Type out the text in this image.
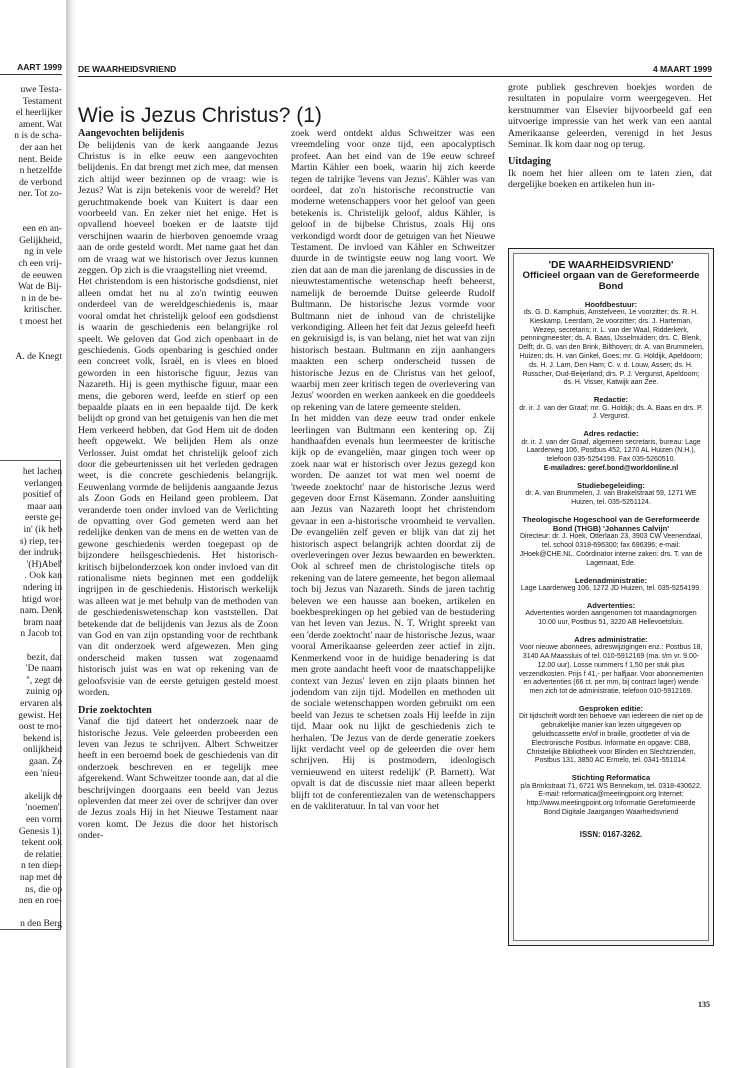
AART 1999
uwe Testa-
Testament
el heerlijker
ament. Wat
n is de scha-
der aan het
nent. Beide
n hetzelfde
de verbond
ner. Tot zo-
een en an-
Gelijkheid,
ng in vele
ch een vrij-
de eeuwen
Wat de Bij-
n in de be-
kritischer.
t moest het
A. de Knegt
het lachen
verlangen
positief of
maar aan
eerste ge-
in' (ik heb
s) riep, ter-
der indruk-
'(H)Abel'
. Ook kan
ndering in
htigd wor-
nam. Denk
bram naar
n Jacob tot
bezit, dat
'De naam
'', zegt de
zuinig op
ervaren als
gewist. Het
oost te mo-
bekend is.
onlijkheid
gaan. Ze
een 'nieu-
akelijk de
'noemen'.
een vorm
Genesis 1).
tekent ook
de relatie.
n ten diep-
nap met de
ns, die op
nen en roe-
n den Berg
DE WAARHEIDSVRIEND	4 MAART 1999
Wie is Jezus Christus? (1)
Aangevochten belijdenis

De belijdenis van de kerk aangaande Jezus Christus is in elke eeuw een aangevochten belijdenis. En dat brengt met zich mee, dat mensen zich altijd weer bezinnen op de vraag: wie is Jezus? Wat is zijn betekenis voor de wereld? Het geruchtmakende boek van Kuitert is daar een voorbeeld van. En zeker niet het enige. Het is opvallend hoeveel boeken er de laatste tijd verschijnen waarin de hierboven genoemde vraag aan de orde gesteld wordt. Met name gaat het dan om de vraag wat we historisch over Jezus kunnen zeggen. Op zich is die vraagstelling niet vreemd.

Het christendom is een historische godsdienst, niet alleen omdat het nu al zo'n twintig eeuwen onderdeel van de wereldgeschiedenis is, maar vooral omdat het christelijk geloof een godsdienst is waarin de geschiedenis een belangrijke rol speelt. We geloven dat God zich openbaart in de geschiedenis. Gods openbaring is geschied onder een concreet volk, Israël, en is vlees en bloed geworden in een historische figuur, Jezus van Nazareth. Hij is geen mythische figuur, maar een mens, die geboren werd, leefde en stierf op een bepaalde plaats en in een bepaalde tijd. De kerk belijdt op grond van het getuigenis van hen die met Hem verkeerd hebben, dat God Hem uit de doden heeft opgewekt. We belijden Hem als onze Verlosser. Juist omdat het christelijk geloof zich door die gebeurtenissen uit het verleden gedragen weet, is die concrete geschiedenis belangrijk. Eeuwenlang vormde de belijdenis aangaande Jezus als Zoon Gods en Heiland geen probleem. Dat veranderde toen onder invloed van de Verlichting de opvatting over God gemeten werd aan het redelijke denken van de mens en de wetten van de gewone geschiedenis werden toegepast op de bijzondere heilsgeschiedenis. Het historisch-kritisch bijbelonderzoek kon onder invloed van dit rationalisme niets beginnen met een goddelijk ingrijpen in de geschiedenis. Historisch werkelijk was alleen wat je met behulp van de methoden van de geschiedeniswetenschap kon vaststellen. Dat betekende dat de belijdenis van Jezus als de Zoon van God en van zijn opstanding voor de rechtbank van dit onderzoek werd afgewezen. Men ging onderscheid maken tussen wat zogenaamd historisch juist was en wat op rekening van de geloofsvisie van de eerste getuigen gesteld moest worden.

Drie zoektochten

Vanaf die tijd dateert het onderzoek naar de historische Jezus. Vele geleerden probeerden een leven van Jezus te schrijven. Albert Schweitzer heeft in een beroemd boek de geschiedenis van dit onderzoek beschreven en er tegelijk mee afgerekend. Want Schweitzer toonde aan, dat al die beschrijvingen doorgaans een beeld van Jezus opleverden dat meer zei over de schrijver dan over de Jezus zoals Hij in het Nieuwe Testament naar voren komt. De Jezus die door het historisch onder-

zoek werd ontdekt aldus Schweitzer was een vreemdeling voor onze tijd, een apocalyptisch profeet. Aan het eind van de 19e eeuw schreef Martin Kähler een boek, waarin hij zich keerde tegen de talrijke 'levens van Jezus'. Kähler was van oordeel, dat zo'n historische reconstructie van moderne wetenschappers voor het geloof van geen betekenis is. Christelijk geloof, aldus Kähler, is geloof in de bijbelse Christus, zoals Hij ons verkondigd wordt door de getuigen van het Nieuwe Testament. De invloed van Kähler en Schweitzer duurde in de twintigste eeuw nog lang voort. We zien dat aan de man die jarenlang de discussies in de nieuwtestamentische wetenschap heeft beheerst, namelijk de beroemde Duitse geleerde Rudolf Bultmann. De historische Jezus vormde voor Bultmann niet de inhoud van de christelijke verkondiging. Alleen het feit dat Jezus geleefd heeft en gekruisigd is, is van belang, niet het wat van zijn historisch bestaan. Bultmann en zijn aanhangers maakten een scherp onderscheid tussen de historische Jezus en de Christus van het geloof, waarbij men zeer kritisch tegen de overlevering van Jezus' woorden en werken aankeek en die goeddeels op rekening van de latere gemeente stelden.

In het midden van deze eeuw trad onder enkele leerlingen van Bultmann een kentering op. Zij handhaafden evenals hun leermeester de kritische kijk op de evangeliën, maar gingen toch weer op zoek naar wat er historisch over Jezus gezegd kon worden. De aanzet tot wat men wel noemt de 'tweede zoektocht' naar de historische Jezus werd gegeven door Ernst Käsemann. Zonder aansluiting aan Jezus van Nazareth loopt het christendom gevaar in een a-historische vroomheid te vervallen. De evangeliën zelf geven er blijk van dat zij het historisch aspect belangrijk achten doordat zij de overleveringen over Jezus bewaarden en bewerkten. Ook al schreef men de christologische titels op rekening van de latere gemeente, het begon allemaal toch bij Jezus van Nazareth. Sinds de jaren tachtig beleven we een hausse aan boeken, artikelen en boekbesprekingen op het gebied van de bestudering van het leven van Jezus. N. T. Wright spreekt van een 'derde zoektocht' naar de historische Jezus, waar vooral Amerikaanse geleerden zeer actief in zijn. Kenmerkend voor in de huidige benadering is dat men grote aandacht heeft voor de maatschappelijke context van Jezus' leven en zijn plaats binnen het jodendom van zijn tijd. Modellen en methoden uit de sociale wetenschappen worden gebruikt om een beeld van Jezus te schetsen zoals Hij leefde in zijn tijd. Maar ook nu lijkt de geschiedenis zich te herhalen. 'De Jezus van de derde generatie zoekers lijkt verdacht veel op de geleerden die over hem schrijven. Hij is postmodern, ideologisch vernieuwend en uiterst redelijk' (P. Barnett). Wat opvalt is dat de discussie niet maar alleen beperkt blijft tot de conferentiezalen van de wetenschappers en de vakliteratuur. In tal van voor het

grote publiek geschreven boekjes worden de resultaten in populaire vorm weergegeven. Het kerstnummer van Elsevier bijvoorbeeld gaf een uitvoerige impressie van het werk van een aantal Amerikaanse geleerden, verenigd in het Jesus Seminar. Ik kom daar nog op terug.

Uitdaging

Ik noem het hier alleen om te laten zien, dat dergelijke boeken en artikelen hun in-

'DE WAARHEIDSVRIEND'
Officieel orgaan van de Gereformeerde Bond
Hoofdbestuur:
ds. G. D. Kamphuis, Amstelveen, 1e voorzitter; ds. R. H. Kieskamp, Leerdam, 2e voorzitter; drs. J. Harteman, Wezep, secretaris; ir. L. van der Waal, Ridderkerk, penningmeester; ds. A. Baas, IJsselmuiden; drs. C. Blenk, Delft; dr. G. van den Brink, Bilthoven; dr. A. van Brummelen, Huizen; ds. H. van Ginkel, Goes; mr. G. Holdijk, Apeldoorn; ds. H. J. Lam, Den Ham; C. v. d. Louw, Assen; ds. H. Russcher, Oud-Beijerland; drs. P. J. Vergunst, Apeldoorn; ds. H. Visser, Katwijk aan Zee.
Redactie:
dr. ir. J. van der Graaf; mr. G. Holdijk; ds. A. Baas en drs. P. J. Vergunst.
Adres redactie:
dr. ir. J. van der Graaf, algemeen secretaris, bureau: Lage Laarderweg 106, Postbus 452, 1270 AL Huizen (N.H.), telefoon 035-5254199. Fax 035-5260510.
E-mailadres: geref.bond@worldonline.nl
Studiebegeleiding:
dr. A. van Brummelen, J. van Brakelstraat 59, 1271 WE Huizen, tel. 035-5251124.
Theologische Hogeschool van de Gereformeerde Bond (THGB) 'Johannes Calvijn'
Directeur: dr. J. Hoek, Otterlaan 23, 3903 CW Veenendaal, tel. school 0318-696300; fax 696396; e-mail: JHoek@CHE.NL. Coördinator interne zaken: drs. T. van de Lagemaat, Ede.
Ledenadministratie:
Lage Laarderweg 106, 1272 JD Huizen, tel. 035-5254199.
Advertenties:
Advertenties worden aangenomen tot maandagmorgen 10.00 uur, Postbus 51, 3220 AB Hellevoetsluis.
Adres administratie:
Voor nieuwe abonnees, adreswijzigingen enz.: Postbus 18, 3140 AA Maassluis of tel. 010-5912169 (ma. t/m vr. 9.00-12.00 uur). Losse nummers f 1,50 per stuk plus verzendkosten. Prijs f 41,- per halfjaar. Voor abonnementen en advertenties (66 ct. per mm, bij contract lager) wende men zich tot de administratie, telefoon 010-5912169.
Gesproken editie:
Dit tijdschrift wordt ten behoeve van iedereen die niet op de gebruikelijke manier kan lezen uitgegeven op geluidscassette en/of in braille, grootletter of via de Electronische Postbus. Informatie en opgave: CBB, Christelijke Bibliotheek voor Blinden en Slechtzienden, Postbus 131, 3850 AC Ermelo, tel. 0341-551014.
Stichting Reformatica
p/a Brinkstraat 71, 6721 WS Bennekom, tel. 0318-430622. E-mail: reformatica@meetingpoint.org Internet: http://www.meetingpoint.org Informatie Gereformeerde Bond Digitale Jaargangen Waarheidsvriend
ISSN: 0167-3262.
135
